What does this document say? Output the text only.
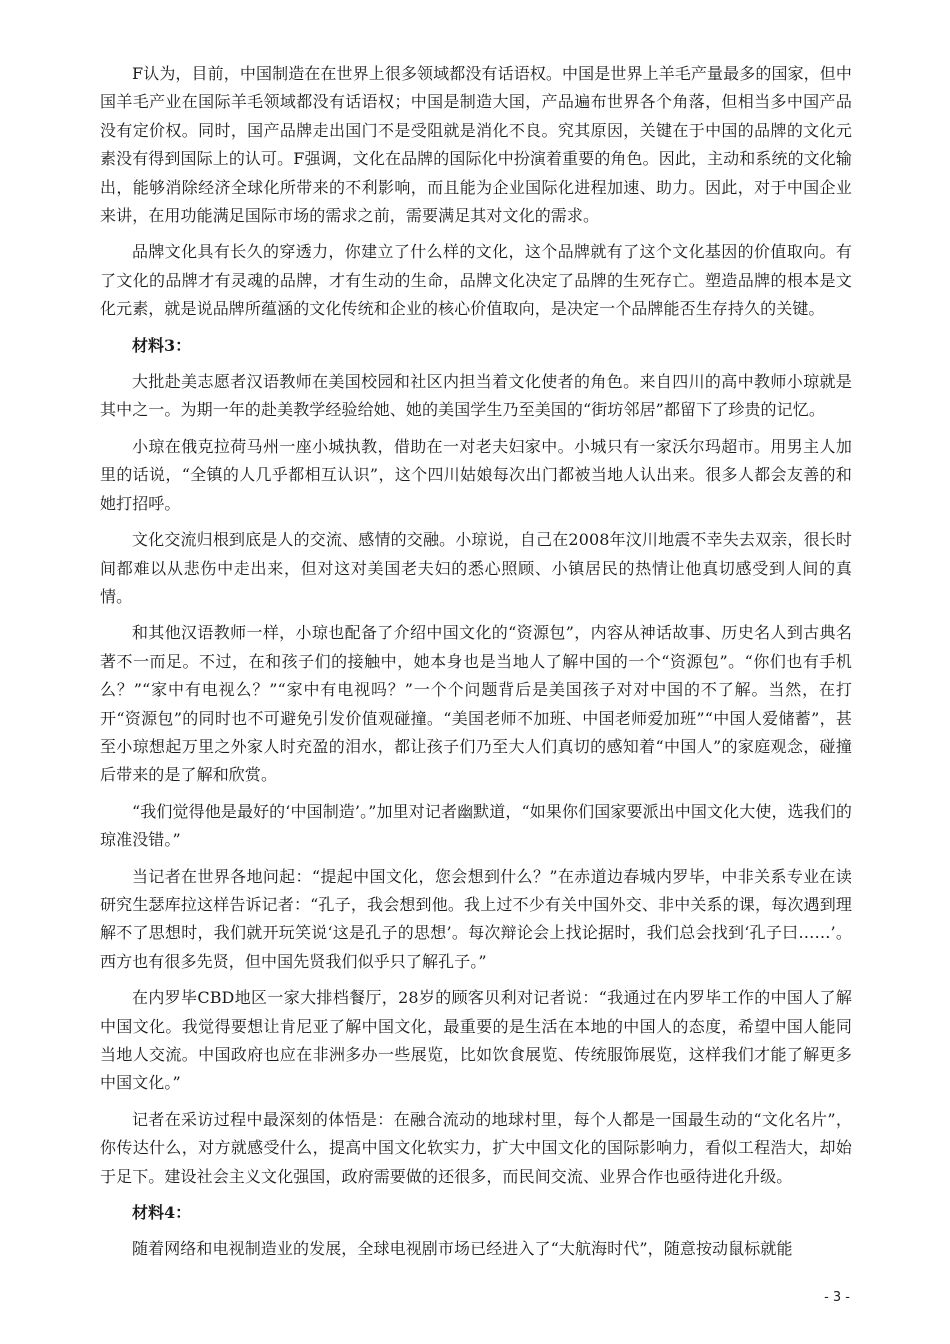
F认为，目前，中国制造在在世界上很多领域都没有话语权。中国是世界上羊毛产量最多的国家，但中国羊毛产业在国际羊毛领域都没有话语权；中国是制造大国，产品遍布世界各个角落，但相当多中国产品没有定价权。同时，国产品牌走出国门不是受阻就是消化不良。究其原因，关键在于中国的品牌的文化元素没有得到国际上的认可。F强调，文化在品牌的国际化中扮演着重要的角色。因此，主动和系统的文化输出，能够消除经济全球化所带来的不利影响，而且能为企业国际化进程加速、助力。因此，对于中国企业来讲，在用功能满足国际市场的需求之前，需要满足其对文化的需求。

品牌文化具有长久的穿透力，你建立了什么样的文化，这个品牌就有了这个文化基因的价值取向。有了文化的品牌才有灵魂的品牌，才有生动的生命，品牌文化决定了品牌的生死存亡。塑造品牌的根本是文化元素，就是说品牌所蕴涵的文化传统和企业的核心价值取向，是决定一个品牌能否生存持久的关键。

材料3：

大批赴美志愿者汉语教师在美国校园和社区内担当着文化使者的角色。来自四川的高中教师小琼就是其中之一。为期一年的赴美教学经验给她、她的美国学生乃至美国的“街坊邻居”都留下了珍贵的记忆。

小琼在俄克拉荷马州一座小城执教，借助在一对老夫妇家中。小城只有一家沃尔玛超市。用男主人加里的话说，“全镇的人几乎都相互认识”，这个四川姑娘每次出门都被当地人认出来。很多人都会友善的和她打招呼。

文化交流归根到底是人的交流、感情的交融。小琼说，自己在2008年汶川地震不幸失去双亲，很长时间都难以从悲伤中走出来，但对这对美国老夫妇的悉心照顾、小镇居民的热情让他真切感受到人间的真情。

和其他汉语教师一样，小琼也配备了介绍中国文化的“资源包”，内容从神话故事、历史名人到古典名著不一而足。不过，在和孩子们的接触中，她本身也是当地人了解中国的一个“资源包”。“你们也有手机么？”“家中有电视么？”“家中有电视吗？”一个个问题背后是美国孩子对对中国的不了解。当然，在打开“资源包”的同时也不可避免引发价值观碰撞。“美国老师不加班、中国老师爱加班”“中国人爱储蓄”，甚至小琼想起万里之外家人时充盈的泪水，都让孩子们乃至大人们真切的感知着“中国人”的家庭观念，碰撞后带来的是了解和欣赏。

“我们觉得他是最好的‘中国制造’。”加里对记者幽默道，“如果你们国家要派出中国文化大使，选我们的琼准没错。”

当记者在世界各地问起：“提起中国文化，您会想到什么？”在赤道边春城内罗毕，中非关系专业在读研究生瑟库拉这样告诉记者：“孔子，我会想到他。我上过不少有关中国外交、非中关系的课，每次遇到理解不了思想时，我们就开玩笑说‘这是孔子的思想’。每次辩论会上找论据时，我们总会找到‘孔子曰……’。西方也有很多先贤，但中国先贤我们似乎只了解孔子。”

在内罗毕CBD地区一家大排档餐厅，28岁的顾客贝利对记者说：“我通过在内罗毕工作的中国人了解中国文化。我觉得要想让肯尼亚了解中国文化，最重要的是生活在本地的中国人的态度，希望中国人能同当地人交流。中国政府也应在非洲多办一些展览，比如饮食展览、传统服饰展览，这样我们才能了解更多中国文化。”

记者在采访过程中最深刻的体悟是：在融合流动的地球村里，每个人都是一国最生动的“文化名片”，你传达什么，对方就感受什么，提高中国文化软实力，扩大中国文化的国际影响力，看似工程浩大，却始于足下。建设社会主义文化强国，政府需要做的还很多，而民间交流、业界合作也亟待进化升级。

材料4：

随着网络和电视制造业的发展，全球电视剧市场已经进入了“大航海时代”，随意按动鼠标就能

- 3 -
